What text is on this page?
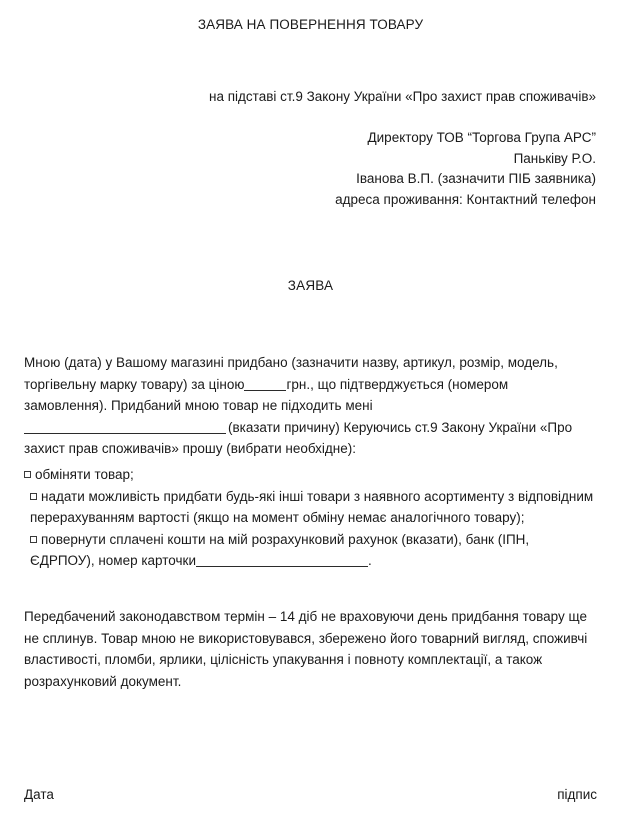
ЗАЯВА НА ПОВЕРНЕННЯ ТОВАРУ
на підставі ст.9 Закону України «Про захист прав споживачів»
Директору ТОВ “Торгова Група АРС”
Паньківу Р.О.
Іванова В.П. (зазначити ПІБ заявника)
адреса проживання: Контактний телефон
ЗАЯВА
Мною (дата) у Вашому магазині придбано (зазначити назву, артикул, розмір, модель, торгівельну марку товару) за ціною	грн., що підтверджується (номером замовлення). Придбаний мною товар не підходить мені
(вказати причину) Керуючись ст.9 Закону України «Про захист прав споживачів» прошу (вибрати необхідне):
обміняти товар;
надати можливість придбати будь-які інші товари з наявного асортименту з відповідним перерахуванням вартості (якщо на момент обміну немає аналогічного товару);
повернути сплачені кошти на мій розрахунковий рахунок (вказати), банк (ІПН, ЄДРПОУ), номер карточки	.
Передбачений законодавством термін – 14 діб не враховуючи день придбання товару ще не сплинув. Товар мною не використовувався, збережено його товарний вигляд, споживчі властивості, пломби, ярлики, цілісність упакування і повноту комплектації, а також розрахунковий документ.
Дата	підпис
